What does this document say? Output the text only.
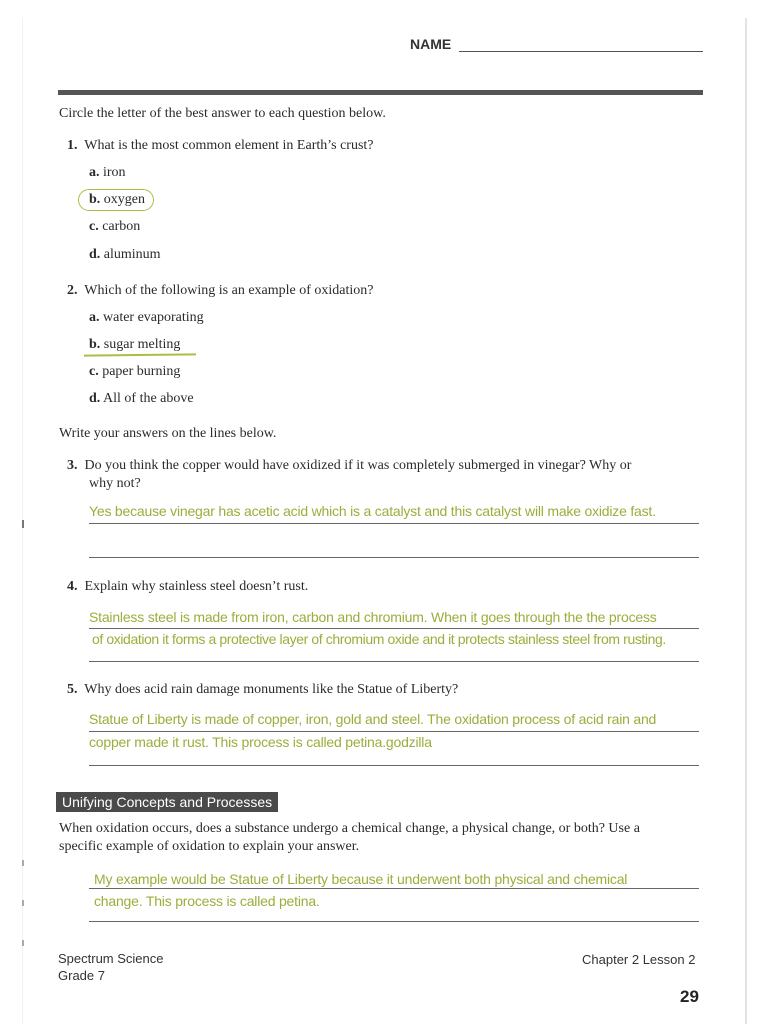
NAME
Circle the letter of the best answer to each question below.
1. What is the most common element in Earth’s crust?
a. iron
b. oxygen
c. carbon
d. aluminum
2. Which of the following is an example of oxidation?
a. water evaporating
b. sugar melting
c. paper burning
d. All of the above
Write your answers on the lines below.
3. Do you think the copper would have oxidized if it was completely submerged in vinegar? Why or
why not?
Yes because vinegar has acetic acid which is a catalyst and this catalyst will make oxidize fast.
4. Explain why stainless steel doesn’t rust.
Stainless steel is made from iron, carbon and chromium. When it goes through the the process
of oxidation it forms a protective layer of chromium oxide and it protects stainless steel from rusting.
5. Why does acid rain damage monuments like the Statue of Liberty?
Statue of Liberty is made of copper, iron, gold and steel. The oxidation process of acid rain and
copper made it rust. This process is called petina.godzilla
Unifying Concepts and Processes
When oxidation occurs, does a substance undergo a chemical change, a physical change, or both? Use a
specific example of oxidation to explain your answer.
My example would be Statue of Liberty because it underwent both physical and chemical
change. This process is called petina.
Spectrum Science
Grade 7
Chapter 2 Lesson 2
29
